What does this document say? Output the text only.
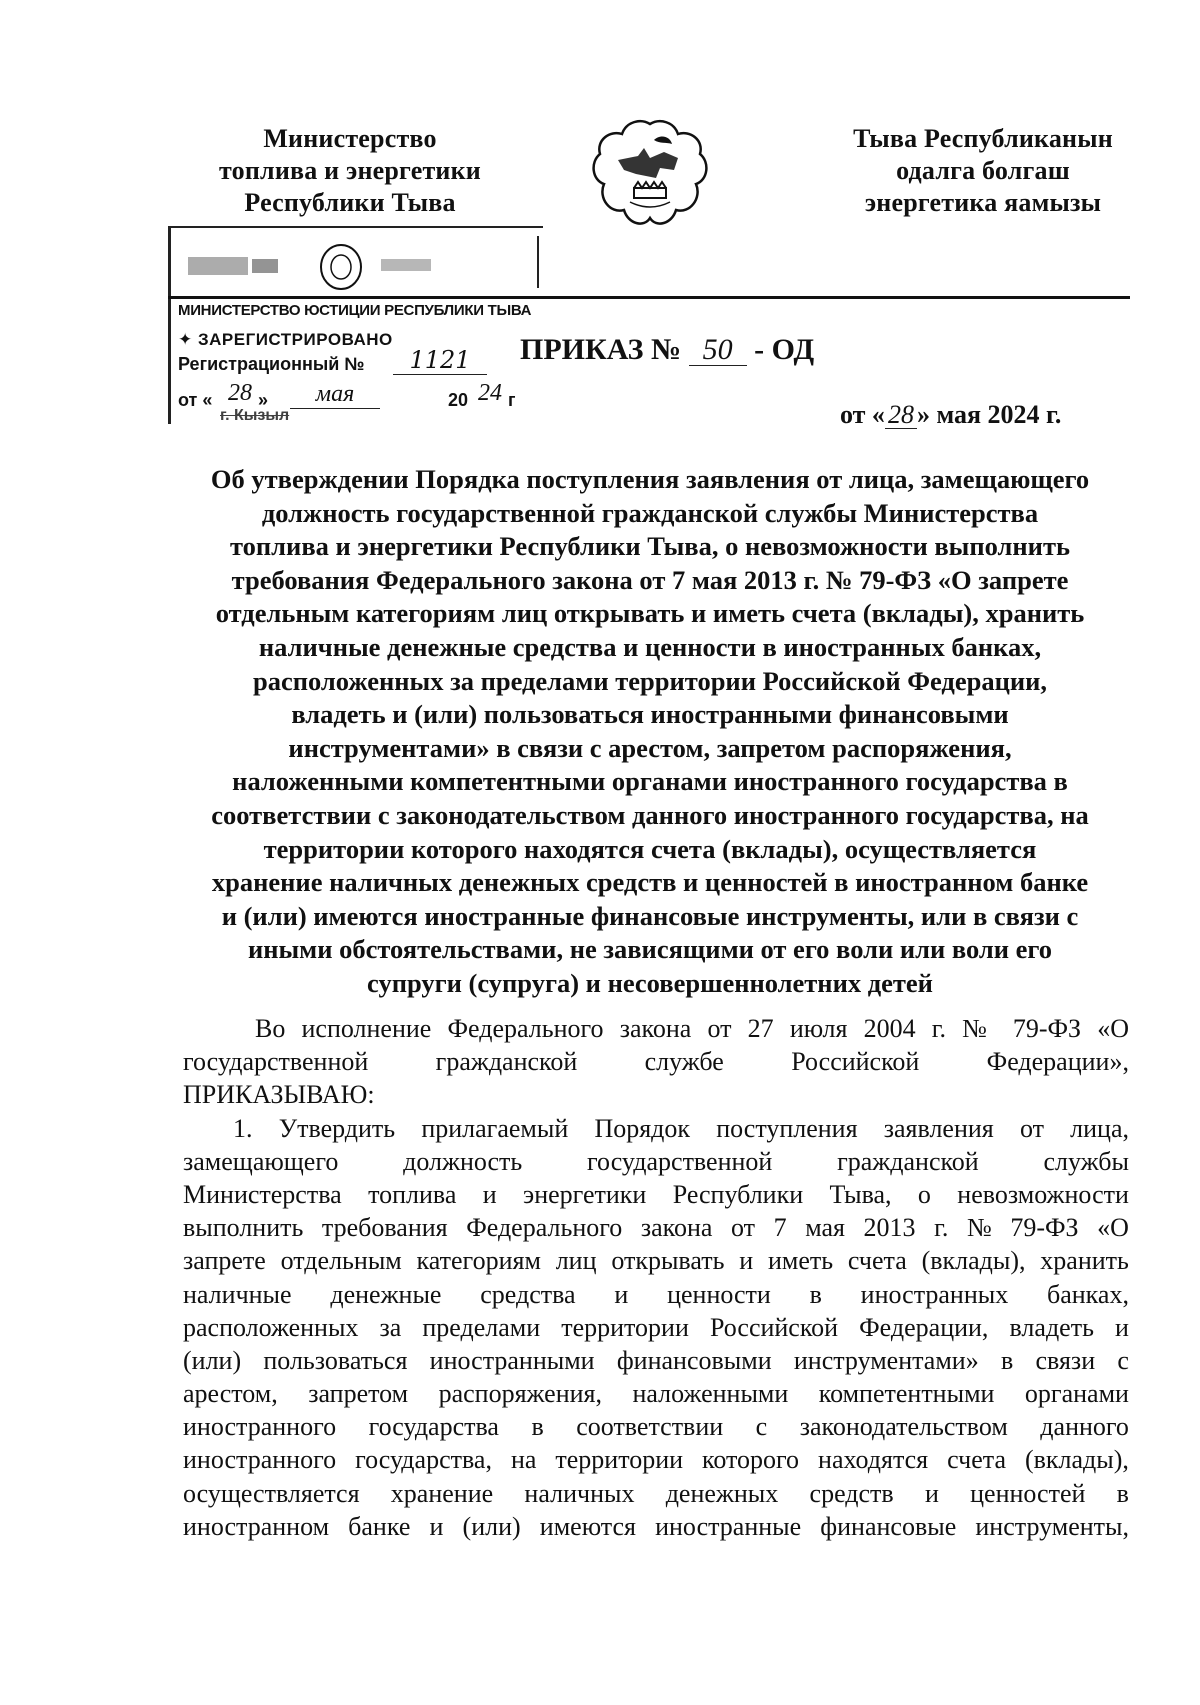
Министерство
топлива и энергетики
Республики Тыва
Тыва Республиканын
одалга болгаш
энергетика яамызы
МИНИСТЕРСТВО ЮСТИЦИИ РЕСПУБЛИКИ ТЫВА
✦ ЗАРЕГИСТРИРОВАНО
Регистрационный №	1121
от « 28 »	мая	20 24 г
г. Кызыл
ПРИКАЗ № 50 - ОД
от « 28 » мая 2024 г.
Об утверждении Порядка поступления заявления от лица, замещающего
должность государственной гражданской службы Министерства
топлива и энергетики Республики Тыва, о невозможности выполнить
требования Федерального закона от 7 мая 2013 г. № 79-ФЗ «О запрете
отдельным категориям лиц открывать и иметь счета (вклады), хранить
наличные денежные средства и ценности в иностранных банках,
расположенных за пределами территории Российской Федерации,
владеть и (или) пользоваться иностранными финансовыми
инструментами» в связи с арестом, запретом распоряжения,
наложенными компетентными органами иностранного государства в
соответствии с законодательством данного иностранного государства, на
территории которого находятся счета (вклады), осуществляется
хранение наличных денежных средств и ценностей в иностранном банке
и (или) имеются иностранные финансовые инструменты, или в связи с
иными обстоятельствами, не зависящими от его воли или воли его
супруги (супруга) и несовершеннолетних детей
Во исполнение Федерального закона от 27 июля 2004 г. № 79-ФЗ «О
государственной	гражданской	службе	Российской	Федерации»,
ПРИКАЗЫВАЮ:
1. Утвердить прилагаемый Порядок поступления заявления от лица,
замещающего должность государственной гражданской службы
Министерства топлива и энергетики Республики Тыва, о невозможности
выполнить требования Федерального закона от 7 мая 2013 г. № 79-ФЗ «О
запрете отдельным категориям лиц открывать и иметь счета (вклады), хранить
наличные денежные средства и ценности в иностранных банках,
расположенных за пределами территории Российской Федерации, владеть и
(или) пользоваться иностранными финансовыми инструментами» в связи с
арестом, запретом распоряжения, наложенными компетентными органами
иностранного государства в соответствии с законодательством данного
иностранного государства, на территории которого находятся счета (вклады),
осуществляется хранение наличных денежных средств и ценностей в
иностранном банке и (или) имеются иностранные финансовые инструменты,
